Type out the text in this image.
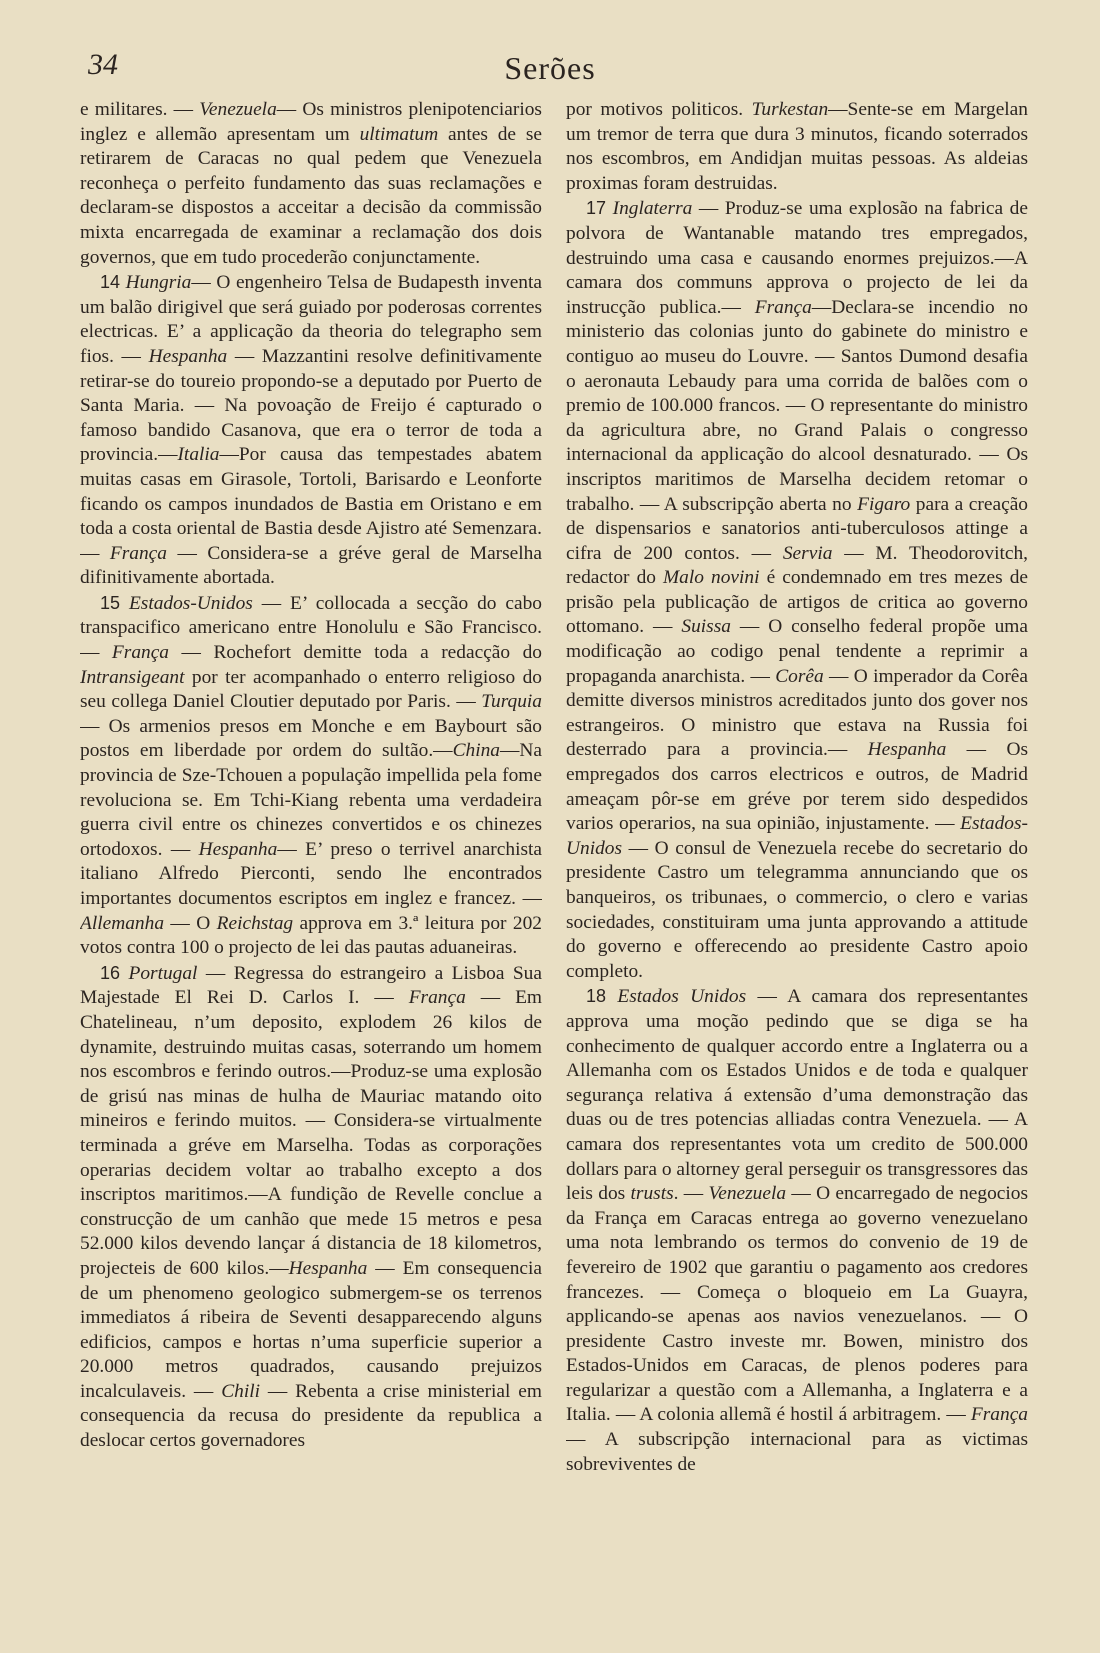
34	Serões

e militares. — Venezuela— Os ministros plenipotenciarios inglez e allemão apresentam um ultimatum antes de se retirarem de Caracas no qual pedem que Venezuela reconheça o perfeito fundamento das suas reclamações e declaram-se dispostos a acceitar a decisão da commissão mixta encarregada de examinar a reclamação dos dois governos, que em tudo procederão conjunctamente.

14 Hungria— O engenheiro Telsa de Budapesth inventa um balão dirigivel que será guiado por poderosas correntes electricas. E’ a applicação da theoria do telegrapho sem fios. — Hespanha — Mazzantini resolve definitivamente retirar-se do toureio propondo-se a deputado por Puerto de Santa Maria. — Na povoação de Freijo é capturado o famoso bandido Casanova, que era o terror de toda a provincia.—Italia—Por causa das tempestades abatem muitas casas em Girasole, Tortoli, Barisardo e Leonforte ficando os campos inundados de Bastia em Oristano e em toda a costa oriental de Bastia desde Ajistro até Semenzara. — França — Considera-se a gréve geral de Marselha difinitivamente abortada.

15 Estados-Unidos — E’ collocada a secção do cabo transpacifico americano entre Honolulu e São Francisco. — França — Rochefort demitte toda a redacção do Intransigeant por ter acompanhado o enterro religioso do seu collega Daniel Cloutier deputado por Paris. — Turquia — Os armenios presos em Monche e em Baybourt são postos em liberdade por ordem do sultão.—China—Na provincia de Sze-Tchouen a população impellida pela fome revoluciona se. Em Tchi-Kiang rebenta uma verdadeira guerra civil entre os chinezes convertidos e os chinezes ortodoxos. — Hespanha— E’ preso o terrivel anarchista italiano Alfredo Pierconti, sendo lhe encontrados importantes documentos escriptos em inglez e francez. — Allemanha — O Reichstag approva em 3.ª leitura por 202 votos contra 100 o projecto de lei das pautas aduaneiras.

16 Portugal — Regressa do estrangeiro a Lisboa Sua Majestade El Rei D. Carlos I. — França — Em Chatelineau, n’um deposito, explodem 26 kilos de dynamite, destruindo muitas casas, soterrando um homem nos escombros e ferindo outros.—Produz-se uma explosão de grisú nas minas de hulha de Mauriac matando oito mineiros e ferindo muitos. — Considera-se virtualmente terminada a gréve em Marselha. Todas as corporações operarias decidem voltar ao trabalho excepto a dos inscriptos maritimos.—A fundição de Revelle conclue a construcção de um canhão que mede 15 metros e pesa 52.000 kilos devendo lançar á distancia de 18 kilometros, projecteis de 600 kilos.—Hespanha — Em consequencia de um phenomeno geologico submergem-se os terrenos immediatos á ribeira de Seventi desapparecendo alguns edificios, campos e hortas n’uma superficie superior a 20.000 metros quadrados, causando prejuizos incalculaveis. — Chili — Rebenta a crise ministerial em consequencia da recusa do presidente da republica a deslocar certos governadores

por motivos politicos. Turkestan—Sente-se em Margelan um tremor de terra que dura 3 minutos, ficando soterrados nos escombros, em Andidjan muitas pessoas. As aldeias proximas foram destruidas.

17 Inglaterra — Produz-se uma explosão na fabrica de polvora de Wantanable matando tres empregados, destruindo uma casa e causando enormes prejuizos.—A camara dos communs approva o projecto de lei da instrucção publica.— França—Declara-se incendio no ministerio das colonias junto do gabinete do ministro e contiguo ao museu do Louvre. — Santos Dumond desafia o aeronauta Lebaudy para uma corrida de balões com o premio de 100.000 francos. — O representante do ministro da agricultura abre, no Grand Palais o congresso internacional da applicação do alcool desnaturado. — Os inscriptos maritimos de Marselha decidem retomar o trabalho. — A subscripção aberta no Figaro para a creação de dispensarios e sanatorios anti-tuberculosos attinge a cifra de 200 contos. — Servia — M. Theodorovitch, redactor do Malo novini é condemnado em tres mezes de prisão pela publicação de artigos de critica ao governo ottomano. — Suissa — O conselho federal propõe uma modificação ao codigo penal tendente a reprimir a propaganda anarchista. — Corêa — O imperador da Corêa demitte diversos ministros acreditados junto dos gover nos estrangeiros. O ministro que estava na Russia foi desterrado para a provincia.— Hespanha — Os empregados dos carros electricos e outros, de Madrid ameaçam pôr-se em gréve por terem sido despedidos varios operarios, na sua opinião, injustamente. — Estados-Unidos — O consul de Venezuela recebe do secretario do presidente Castro um telegramma annunciando que os banqueiros, os tribunaes, o commercio, o clero e varias sociedades, constituiram uma junta approvando a attitude do governo e offerecendo ao presidente Castro apoio completo.

18 Estados Unidos — A camara dos representantes approva uma moção pedindo que se diga se ha conhecimento de qualquer accordo entre a Inglaterra ou a Allemanha com os Estados Unidos e de toda e qualquer segurança relativa á extensão d’uma demonstração das duas ou de tres potencias alliadas contra Venezuela. — A camara dos representantes vota um credito de 500.000 dollars para o altorney geral perseguir os transgressores das leis dos trusts. — Venezuela — O encarregado de negocios da França em Caracas entrega ao governo venezuelano uma nota lembrando os termos do convenio de 19 de fevereiro de 1902 que garantiu o pagamento aos credores francezes. — Começa o bloqueio em La Guayra, applicando-se apenas aos navios venezuelanos. — O presidente Castro investe mr. Bowen, ministro dos Estados-Unidos em Caracas, de plenos poderes para regularizar a questão com a Allemanha, a Inglaterra e a Italia. — A colonia allemã é hostil á arbitragem. — França — A subscripção internacional para as victimas sobreviventes de
